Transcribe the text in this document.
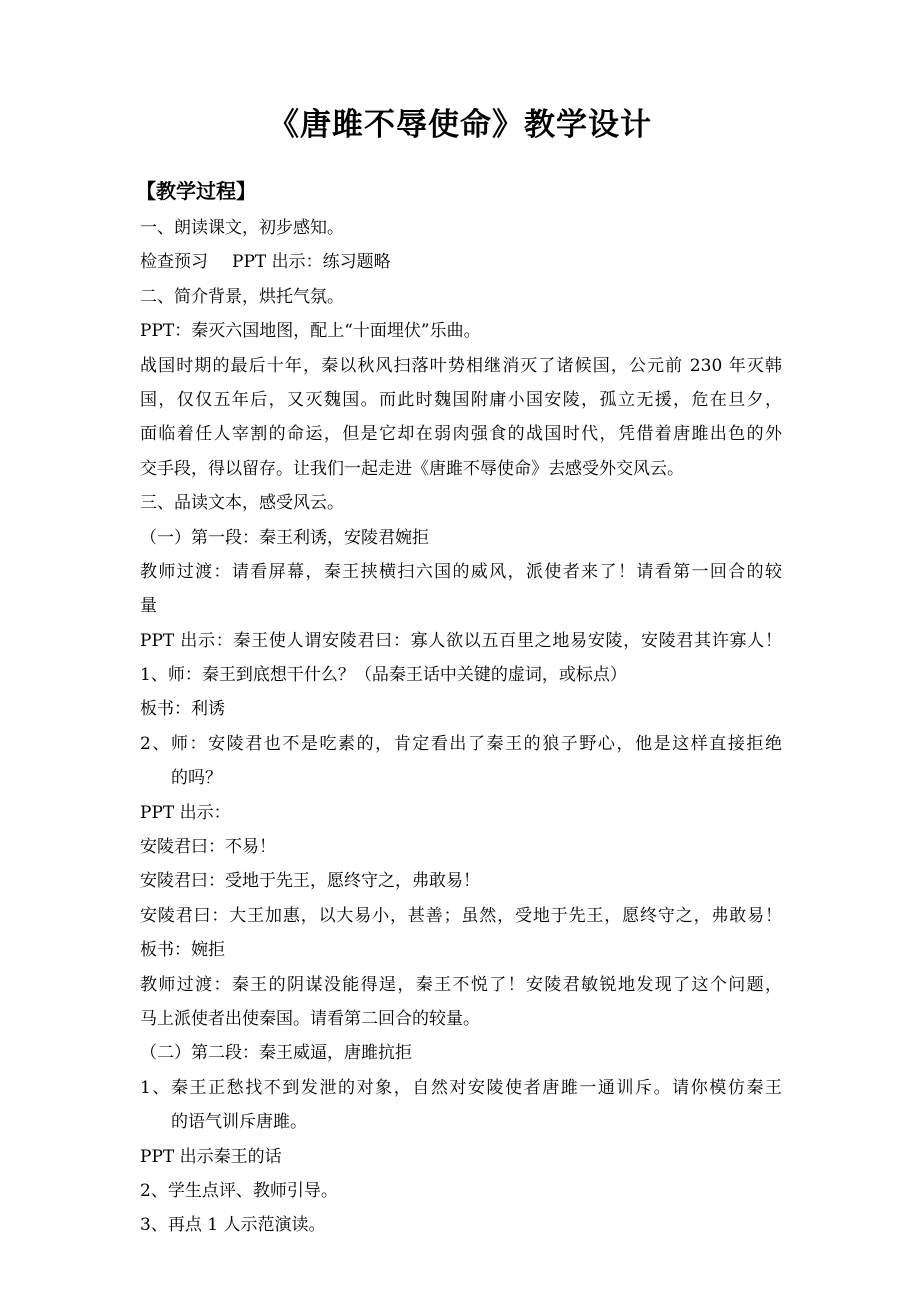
《唐雎不辱使命》教学设计
【教学过程】
一、朗读课文，初步感知。
检查预习 PPT 出示：练习题略
二、简介背景，烘托气氛。
PPT：秦灭六国地图，配上“十面埋伏”乐曲。
战国时期的最后十年，秦以秋风扫落叶势相继消灭了诸候国，公元前 230 年灭韩
国，仅仅五年后，又灭魏国。而此时魏国附庸小国安陵，孤立无援，危在旦夕，
面临着任人宰割的命运，但是它却在弱肉强食的战国时代，凭借着唐雎出色的外
交手段，得以留存。让我们一起走进《唐雎不辱使命》去感受外交风云。
三、品读文本，感受风云。
（一）第一段：秦王利诱，安陵君婉拒
教师过渡：请看屏幕，秦王挟横扫六国的威风，派使者来了！请看第一回合的较
量
PPT 出示：秦王使人谓安陵君曰：寡人欲以五百里之地易安陵，安陵君其许寡人！
1、师：秦王到底想干什么？（品秦王话中关键的虚词，或标点）
板书：利诱
2、师：安陵君也不是吃素的，肯定看出了秦王的狼子野心，他是这样直接拒绝
的吗？
PPT 出示：
安陵君曰：不易！
安陵君曰：受地于先王，愿终守之，弗敢易！
安陵君曰：大王加惠，以大易小，甚善；虽然，受地于先王，愿终守之，弗敢易！
板书：婉拒
教师过渡：秦王的阴谋没能得逞，秦王不悦了！安陵君敏锐地发现了这个问题，
马上派使者出使秦国。请看第二回合的较量。
（二）第二段：秦王威逼，唐雎抗拒
1、秦王正愁找不到发泄的对象，自然对安陵使者唐雎一通训斥。请你模仿秦王
的语气训斥唐雎。
PPT 出示秦王的话
2、学生点评、教师引导。
3、再点 1 人示范演读。
